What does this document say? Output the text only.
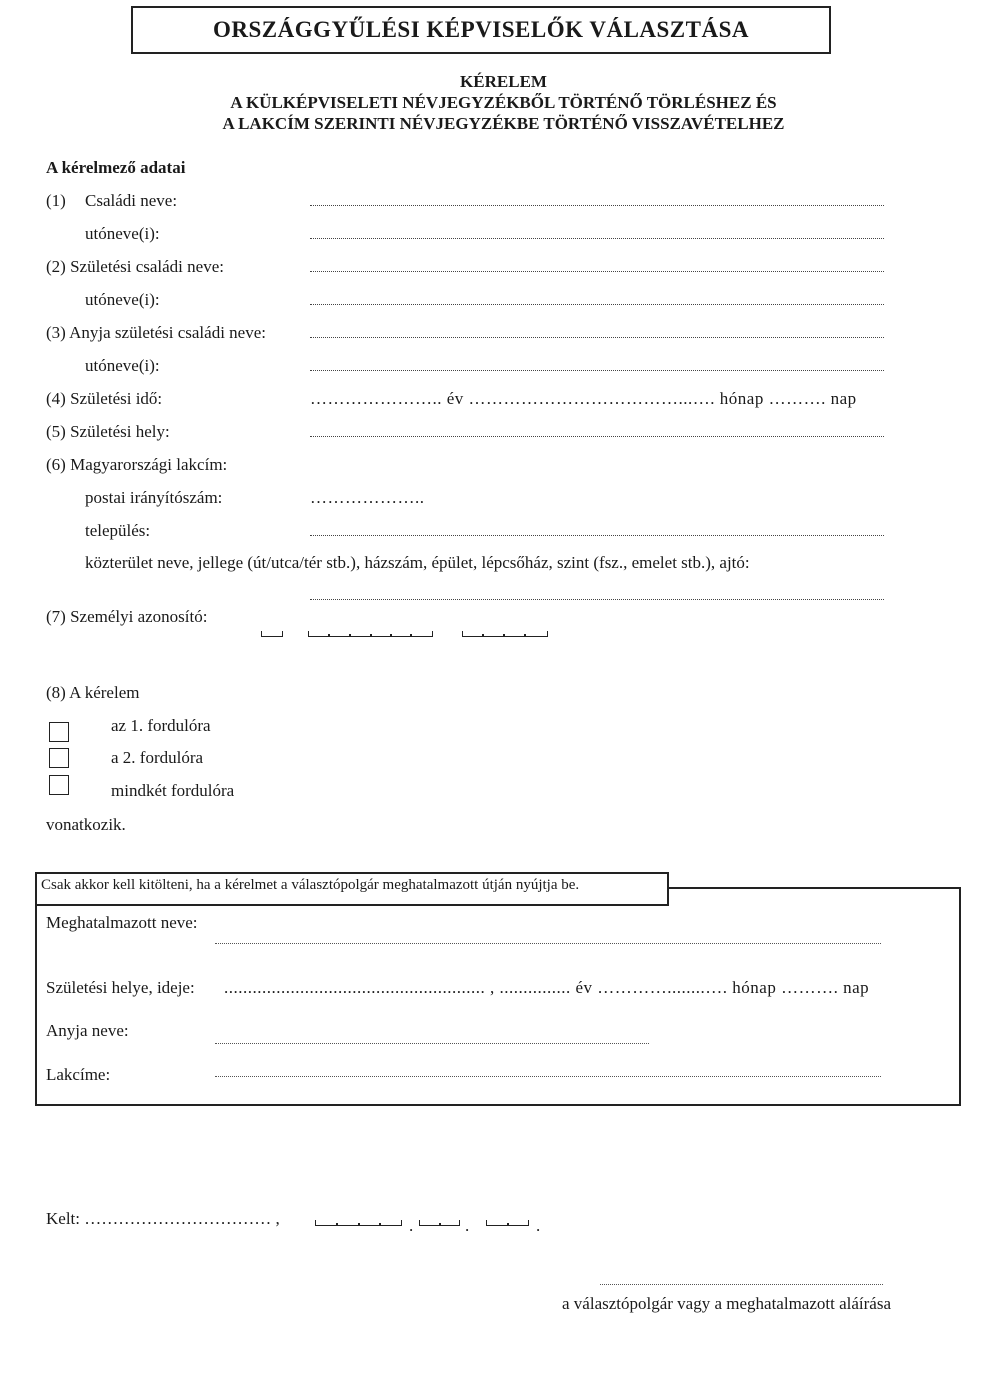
ORSZÁGGYŰLÉSI KÉPVISELŐK VÁLASZTÁSA
KÉRELEM
A KÜLKÉPVISELETI NÉVJEGYZÉKBŐL TÖRTÉNŐ TÖRLÉSHEZ ÉS
A LAKCÍM SZERINTI NÉVJEGYZÉKBE TÖRTÉNŐ VISSZAVÉTELHEZ
A kérelmező adatai
(1) Családi neve:
utóneve(i):
(2) Születési családi neve:
utóneve(i):
(3) Anyja születési családi neve:
utóneve(i):
(4) Születési idő:	………………….. év ………………………………...…. hónap ………. nap
(5) Születési hely:
(6) Magyarországi lakcím:
postai irányítószám:	………………..
település:
közterület neve, jellege (út/utca/tér stb.), házszám, épület, lépcsőház, szint (fsz., emelet stb.), ajtó:
(7) Személyi azonosító:
(8) A kérelem
az 1. fordulóra
a 2. fordulóra
mindkét fordulóra
vonatkozik.
Csak akkor kell kitölteni, ha a kérelmet a választópolgár meghatalmazott útján nyújtja be.
Meghatalmazott neve:
Születési helye, ideje: ....................................................... , ............... év …………........…. hónap ………. nap
Anyja neve:
Lakcíme:
Kelt: …………………………… ,	.	.	.
a választópolgár vagy a meghatalmazott aláírása
